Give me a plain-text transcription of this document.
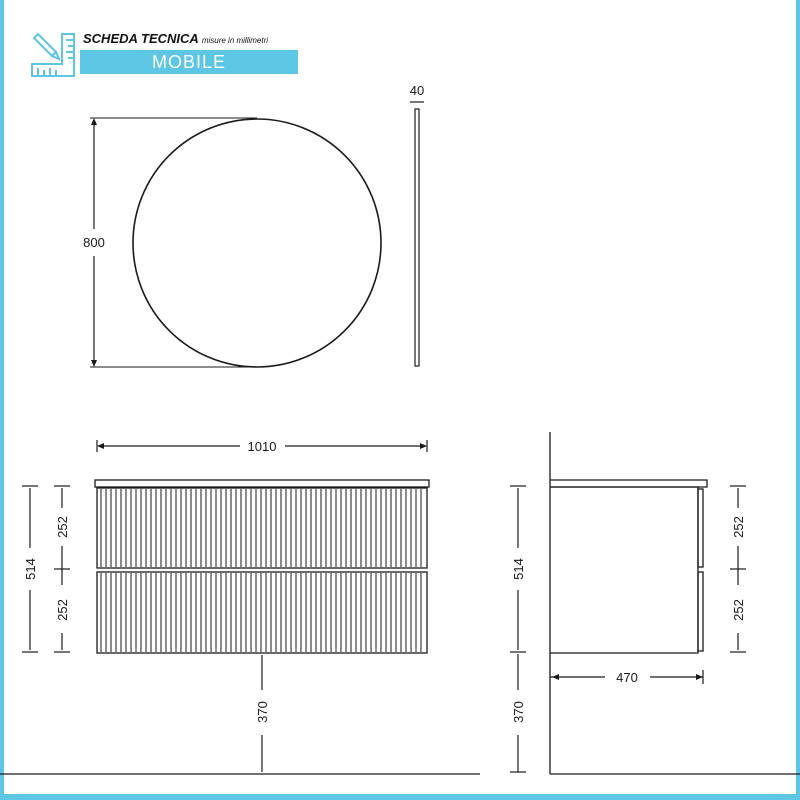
SCHEDA TECNICA misure in millimetri
MOBILE
800
40
1010
514
252
252
370
470
514
370
252
252
